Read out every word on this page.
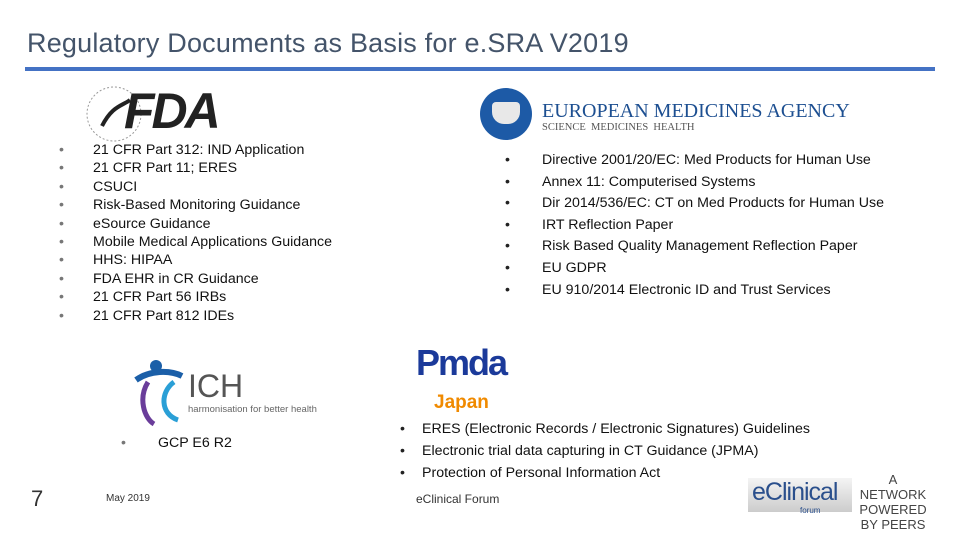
Regulatory Documents as Basis for e.SRA V2019
FDA
• 21 CFR Part 312: IND Application
• 21 CFR Part 11; ERES
• CSUCI
• Risk-Based Monitoring Guidance
• eSource Guidance
• Mobile Medical Applications Guidance
• HHS: HIPAA
• FDA EHR in CR Guidance
• 21 CFR Part 56 IRBs
• 21 CFR Part 812 IDEs
EUROPEAN MEDICINES AGENCY
SCIENCE  MEDICINES  HEALTH
• Directive 2001/20/EC: Med Products for Human Use
• Annex 11: Computerised Systems
• Dir 2014/536/EC: CT on Med Products for Human Use
• IRT Reflection Paper
• Risk Based Quality Management Reflection Paper
• EU GDPR
• EU 910/2014 Electronic ID and Trust Services
ICH
harmonisation for better health
• GCP E6 R2
Pmda
Japan
• ERES (Electronic Records / Electronic Signatures) Guidelines
• Electronic trial data capturing in CT Guidance (JPMA)
• Protection of Personal Information Act
7	May 2019	eClinical Forum	eClinical
forum
A NETWORK
POWERED
BY PEERS
